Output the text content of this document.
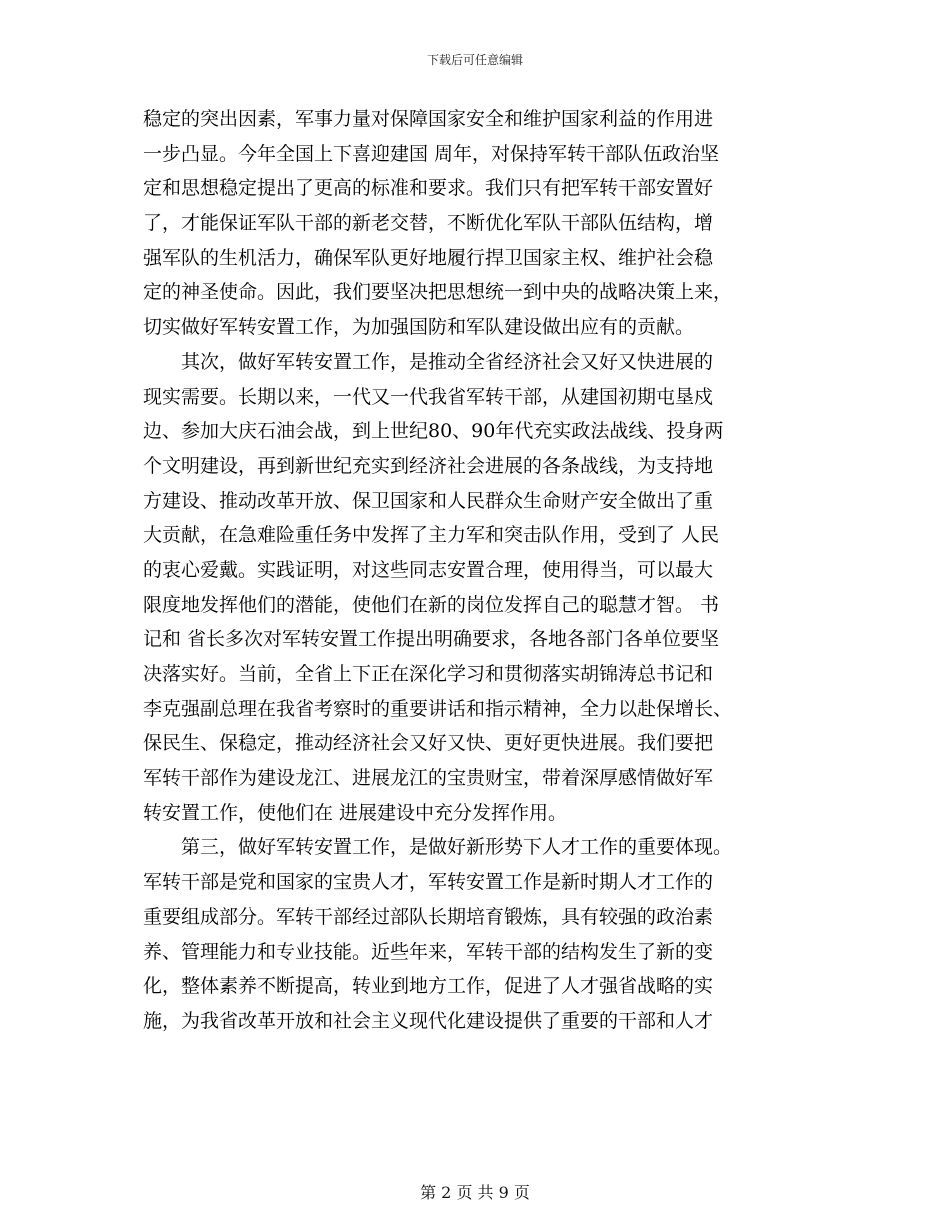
下载后可任意编辑
稳定的突出因素，军事力量对保障国家安全和维护国家利益的作用进
一步凸显。今年全国上下喜迎建国 周年，对保持军转干部队伍政治坚
定和思想稳定提出了更高的标准和要求。我们只有把军转干部安置好
了，才能保证军队干部的新老交替，不断优化军队干部队伍结构，增
强军队的生机活力，确保军队更好地履行捍卫国家主权、维护社会稳
定的神圣使命。因此，我们要坚决把思想统一到中央的战略决策上来，
切实做好军转安置工作，为加强国防和军队建设做出应有的贡献。
　　其次，做好军转安置工作，是推动全省经济社会又好又快进展的
现实需要。长期以来，一代又一代我省军转干部，从建国初期屯垦戍
边、参加大庆石油会战，到上世纪80、90年代充实政法战线、投身两
个文明建设，再到新世纪充实到经济社会进展的各条战线，为支持地
方建设、推动改革开放、保卫国家和人民群众生命财产安全做出了重
大贡献，在急难险重任务中发挥了主力军和突击队作用，受到了 人民
的衷心爱戴。实践证明，对这些同志安置合理，使用得当，可以最大
限度地发挥他们的潜能，使他们在新的岗位发挥自己的聪慧才智。 书
记和 省长多次对军转安置工作提出明确要求，各地各部门各单位要坚
决落实好。当前，全省上下正在深化学习和贯彻落实胡锦涛总书记和
李克强副总理在我省考察时的重要讲话和指示精神，全力以赴保增长、
保民生、保稳定，推动经济社会又好又快、更好更快进展。我们要把
军转干部作为建设龙江、进展龙江的宝贵财宝，带着深厚感情做好军
转安置工作，使他们在 进展建设中充分发挥作用。
　　第三，做好军转安置工作，是做好新形势下人才工作的重要体现。
军转干部是党和国家的宝贵人才，军转安置工作是新时期人才工作的
重要组成部分。军转干部经过部队长期培育锻炼，具有较强的政治素
养、管理能力和专业技能。近些年来，军转干部的结构发生了新的变
化，整体素养不断提高，转业到地方工作，促进了人才强省战略的实
施，为我省改革开放和社会主义现代化建设提供了重要的干部和人才
第 2 页 共 9 页
